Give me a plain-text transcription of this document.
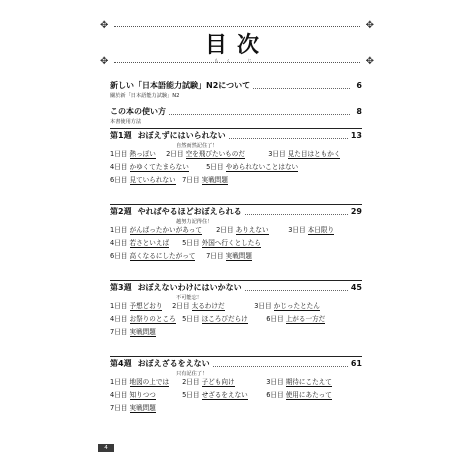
✥	✥
✥	✥
目次
もく じ
新しい「日本語能力試験」N2について	6
關於新「日本語能力試験」N2
この本の使い方	8
本書使用方法
第1週 おぼえずにはいられない	13
自然而然記住了！
1日目 熱っぽい 2日目 空を飛びたいものだ	3日目 見た目はともかく
4日目 かゆくてたまらない	5日目 やめられないことはない
6日目 見ていられない 7日目 実戦問題
第2週 やればやるほどおぼえられる	29
越努力記得住！
1日目 がんばったかいがあって 2日目 ありえない	3日目 本日限り
4日目 若さといえば 5日目 外国へ行くとしたら
6日目 高くなるにしたがって 7日目 実戦問題
第3週 おぼえないわけにはいかない	45
不可能忘！
1日目 予想どおり 2日目 太るわけだ	3日目 かじったとたん
4日目 お祭りのところ 5日目 ほころびだらけ	6日目 上がる一方だ
7日目 実戦問題
第4週 おぼえざるをえない	61
只有記住了！
1日目 地図の上では 2日目 子ども向け	3日目 期待にこたえて
4日目 知りつつ	5日目 せざるをえない	6日目 使用にあたって
7日目 実戦問題
4
